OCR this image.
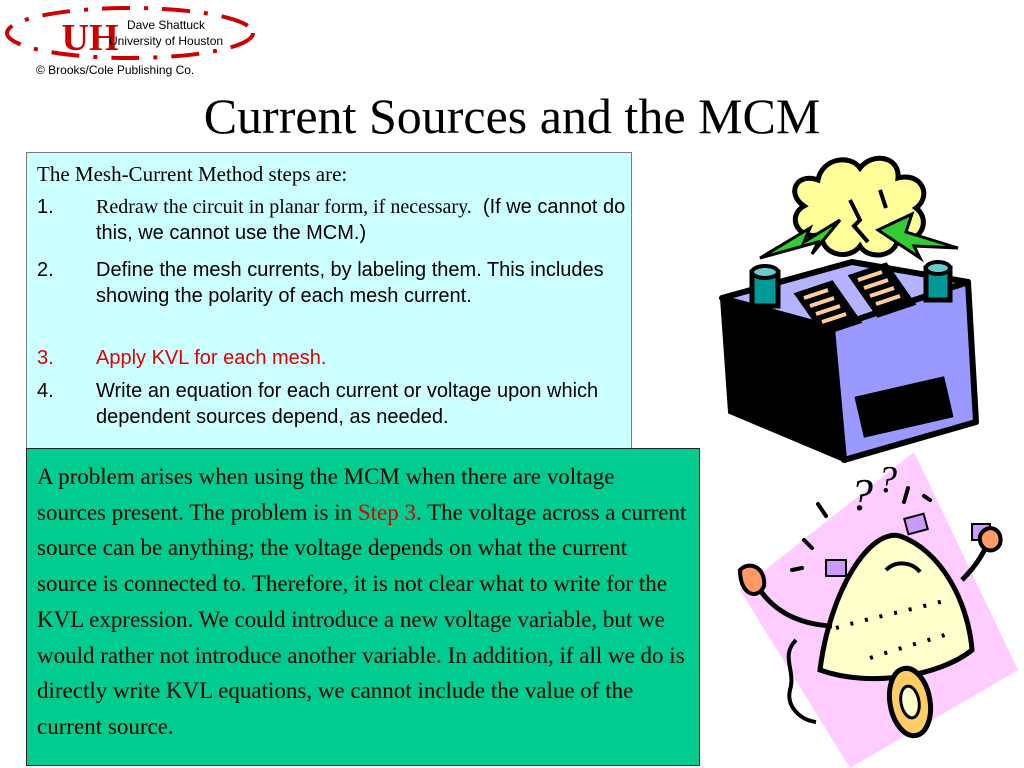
UH Dave Shattuck
University of Houston
© Brooks/Cole Publishing Co.
Current Sources and the MCM
The Mesh-Current Method steps are:
1. Redraw the circuit in planar form, if necessary. (If we cannot do this, we cannot use the MCM.)
2. Define the mesh currents, by labeling them. This includes showing the polarity of each mesh current.
3. Apply KVL for each mesh.
4. Write an equation for each current or voltage upon which dependent sources depend, as needed.
A problem arises when using the MCM when there are voltage sources present. The problem is in Step 3. The voltage across a current source can be anything; the voltage depends on what the current source is connected to. Therefore, it is not clear what to write for the KVL expression. We could introduce a new voltage variable, but we would rather not introduce another variable. In addition, if all we do is directly write KVL equations, we cannot include the value of the current source.
? ?
